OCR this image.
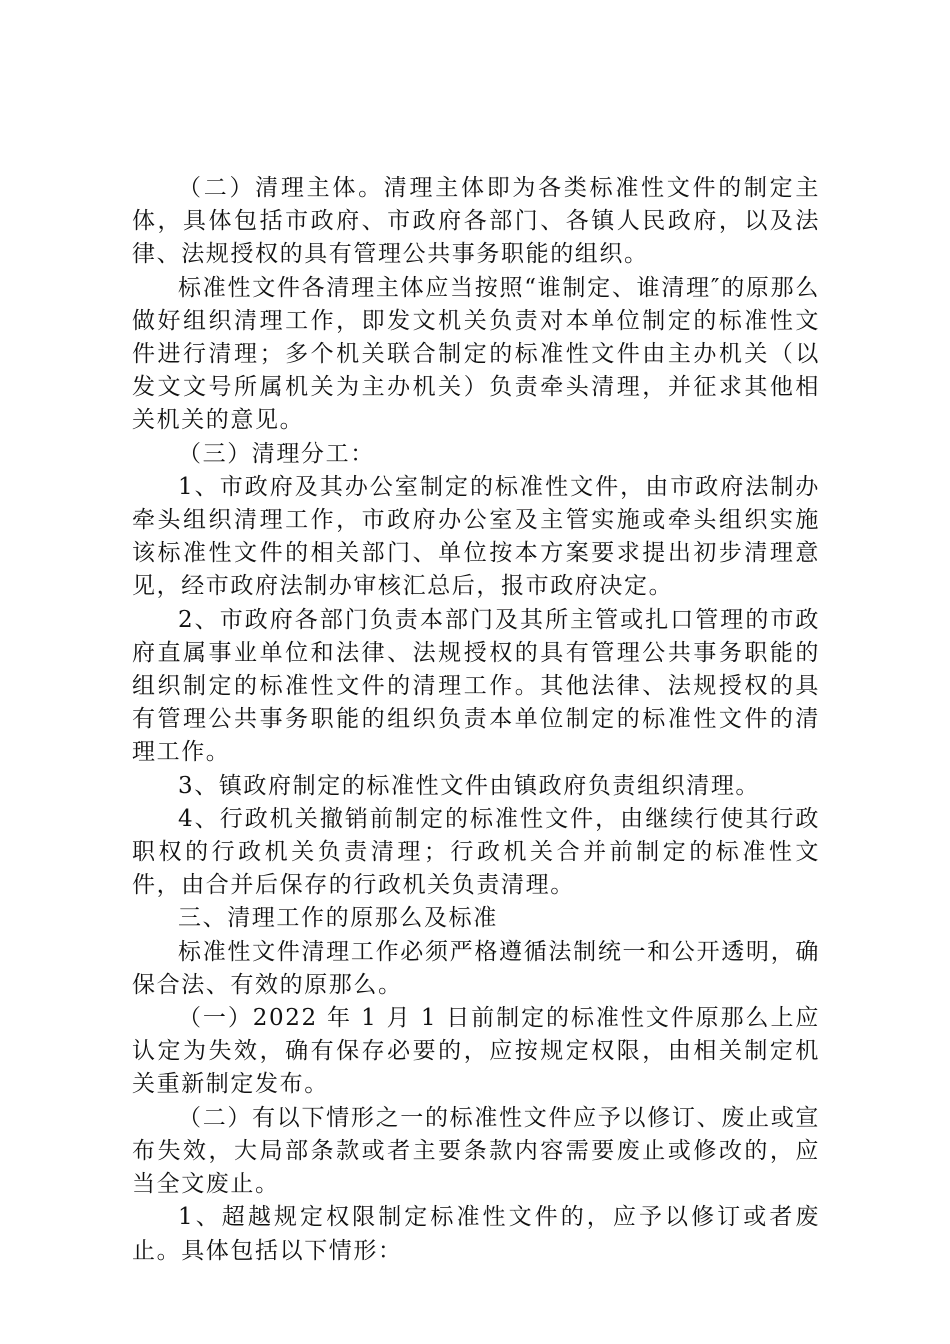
（二）清理主体。清理主体即为各类标准性文件的制定主体，具体包括市政府、市政府各部门、各镇人民政府，以及法律、法规授权的具有管理公共事务职能的组织。

标准性文件各清理主体应当按照“谁制定、谁清理″的原那么做好组织清理工作，即发文机关负责对本单位制定的标准性文件进行清理；多个机关联合制定的标准性文件由主办机关（以发文文号所属机关为主办机关）负责牵头清理，并征求其他相关机关的意见。

（三）清理分工：

1、市政府及其办公室制定的标准性文件，由市政府法制办牵头组织清理工作，市政府办公室及主管实施或牵头组织实施该标准性文件的相关部门、单位按本方案要求提出初步清理意见，经市政府法制办审核汇总后，报市政府决定。

2、市政府各部门负责本部门及其所主管或扎口管理的市政府直属事业单位和法律、法规授权的具有管理公共事务职能的组织制定的标准性文件的清理工作。其他法律、法规授权的具有管理公共事务职能的组织负责本单位制定的标准性文件的清理工作。

3、镇政府制定的标准性文件由镇政府负责组织清理。

4、行政机关撤销前制定的标准性文件，由继续行使其行政职权的行政机关负责清理；行政机关合并前制定的标准性文件，由合并后保存的行政机关负责清理。

三、清理工作的原那么及标准

标准性文件清理工作必须严格遵循法制统一和公开透明，确保合法、有效的原那么。

（一）2022 年 1 月 1 日前制定的标准性文件原那么上应认定为失效，确有保存必要的，应按规定权限，由相关制定机关重新制定发布。

（二）有以下情形之一的标准性文件应予以修订、废止或宣布失效，大局部条款或者主要条款内容需要废止或修改的，应当全文废止。

1、超越规定权限制定标准性文件的，应予以修订或者废止。具体包括以下情形：
